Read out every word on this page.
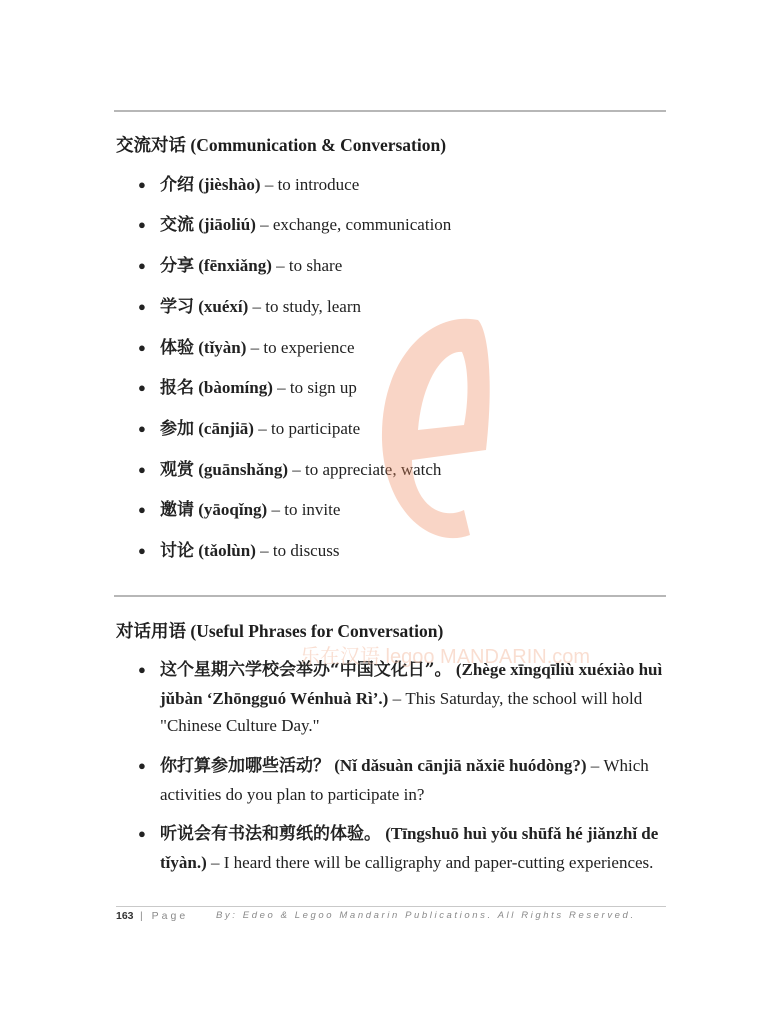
交流对话 (Communication & Conversation)
● 介绍 (jièshào) – to introduce
● 交流 (jiāoliú) – exchange, communication
● 分享 (fēnxiǎng) – to share
● 学习 (xuéxí) – to study, learn
● 体验 (tǐyàn) – to experience
● 报名 (bàomíng) – to sign up
● 参加 (cānjiā) – to participate
● 观赏 (guānshǎng) – to appreciate, watch
● 邀请 (yāoqǐng) – to invite
● 讨论 (tǎolùn) – to discuss
对话用语 (Useful Phrases for Conversation)
● 这个星期六学校会举办“中国文化日”。 (Zhège xīngqīliù xuéxiào huì jǔbàn ‘Zhōngguó Wénhuà Rì’.) – This Saturday, the school will hold "Chinese Culture Day."
● 你打算参加哪些活动？ (Nǐ dǎsuàn cānjiā nǎxiē huódòng?) – Which activities do you plan to participate in?
● 听说会有书法和剪纸的体验。 (Tīngshuō huì yǒu shūfǎ hé jiǎnzhǐ de tǐyàn.) – I heard there will be calligraphy and paper-cutting experiences.
乐在汉语 legoo MANDARIN.com
163 | Page	By: Edeo & Legoo Mandarin Publications. All Rights Reserved.
